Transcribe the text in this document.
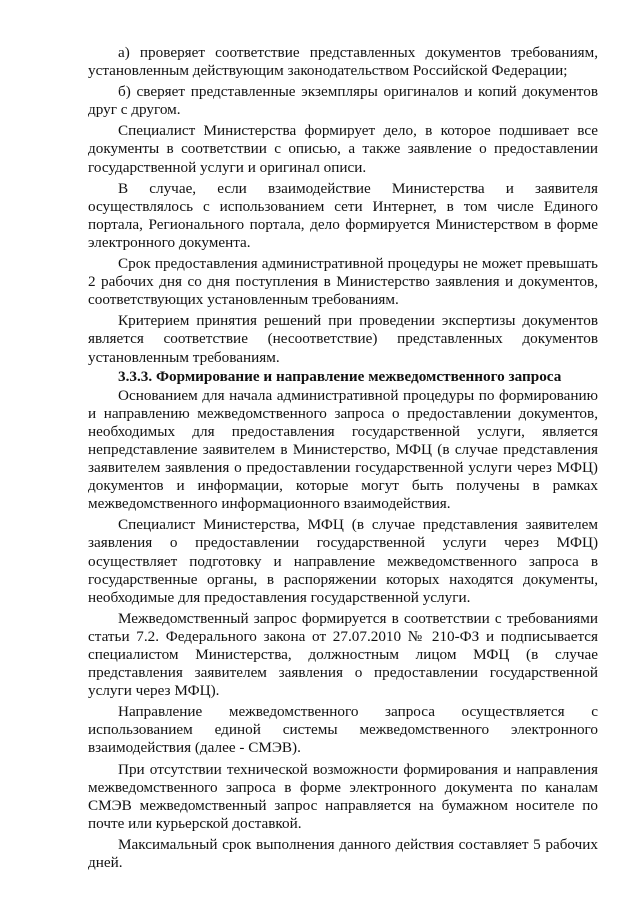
а) проверяет соответствие представленных документов требованиям, установленным действующим законодательством Российской Федерации;

б) сверяет представленные экземпляры оригиналов и копий документов друг с другом.

Специалист Министерства формирует дело, в которое подшивает все документы в соответствии с описью, а также заявление о предоставлении государственной услуги и оригинал описи.

В случае, если взаимодействие Министерства и заявителя осуществлялось с использованием сети Интернет, в том числе Единого портала, Регионального портала, дело формируется Министерством в форме электронного документа.

Срок предоставления административной процедуры не может превышать 2 рабочих дня со дня поступления в Министерство заявления и документов, соответствующих установленным требованиям.

Критерием принятия решений при проведении экспертизы документов является соответствие (несоответствие) представленных документов установленным требованиям.

3.3.3. Формирование и направление межведомственного запроса

Основанием для начала административной процедуры по формированию и направлению межведомственного запроса о предоставлении документов, необходимых для предоставления государственной услуги, является непредставление заявителем в Министерство, МФЦ (в случае представления заявителем заявления о предоставлении государственной услуги через МФЦ) документов и информации, которые могут быть получены в рамках межведомственного информационного взаимодействия.

Специалист Министерства, МФЦ (в случае представления заявителем заявления о предоставлении государственной услуги через МФЦ) осуществляет подготовку и направление межведомственного запроса в государственные органы, в распоряжении которых находятся документы, необходимые для предоставления государственной услуги.

Межведомственный запрос формируется в соответствии с требованиями статьи 7.2. Федерального закона от 27.07.2010 № 210-ФЗ и подписывается специалистом Министерства, должностным лицом МФЦ (в случае представления заявителем заявления о предоставлении государственной услуги через МФЦ).

Направление межведомственного запроса осуществляется с использованием единой системы межведомственного электронного взаимодействия (далее - СМЭВ).

При отсутствии технической возможности формирования и направления межведомственного запроса в форме электронного документа по каналам СМЭВ межведомственный запрос направляется на бумажном носителе по почте или курьерской доставкой.

Максимальный срок выполнения данного действия составляет 5 рабочих дней.
